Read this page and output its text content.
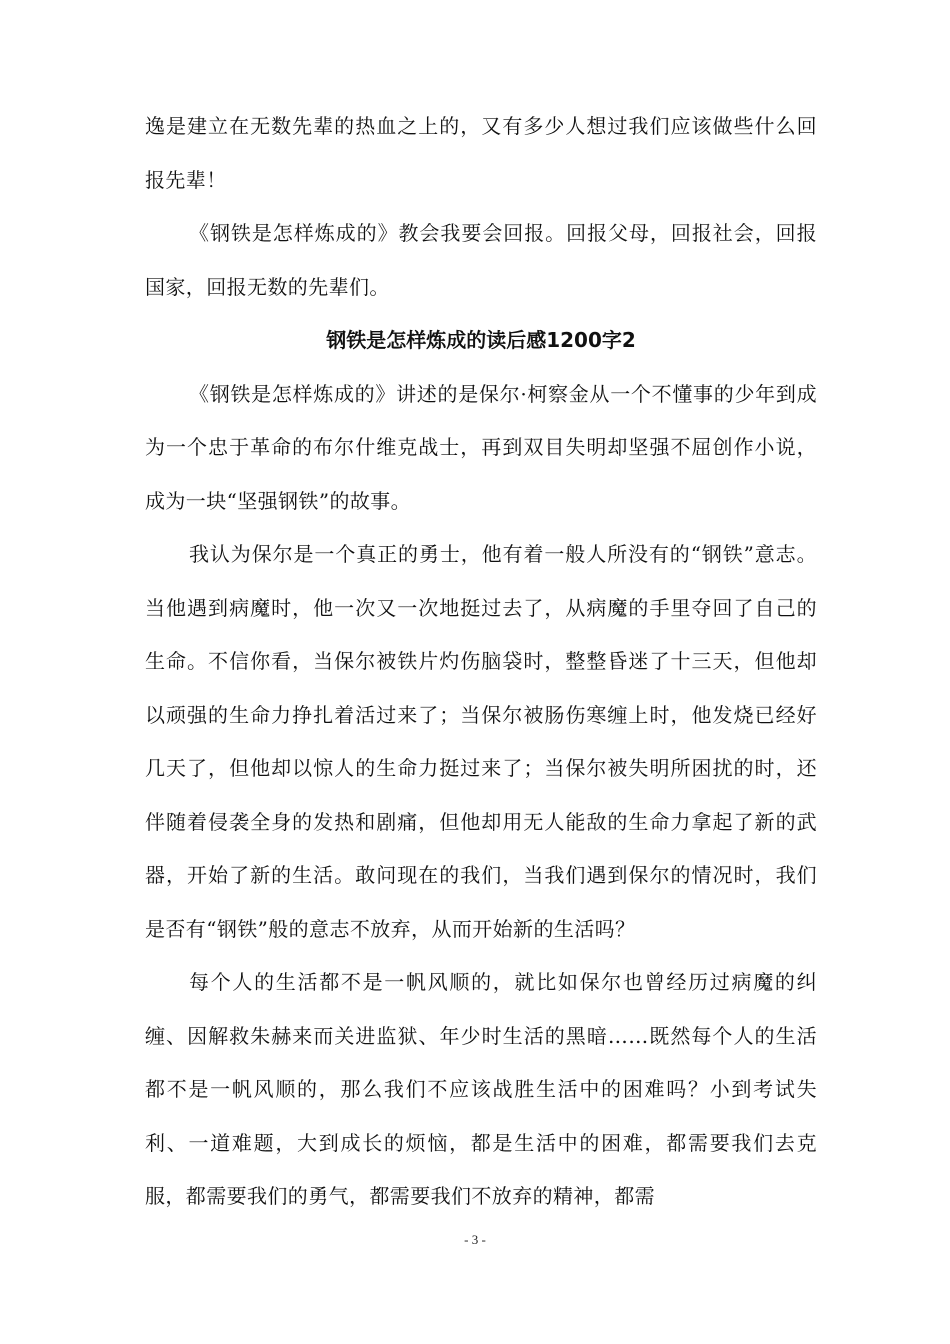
逸是建立在无数先辈的热血之上的，又有多少人想过我们应该做些什么回报先辈！

《钢铁是怎样炼成的》教会我要会回报。回报父母，回报社会，回报国家，回报无数的先辈们。

钢铁是怎样炼成的读后感1200字2

《钢铁是怎样炼成的》讲述的是保尔·柯察金从一个不懂事的少年到成为一个忠于革命的布尔什维克战士，再到双目失明却坚强不屈创作小说，成为一块“坚强钢铁”的故事。

我认为保尔是一个真正的勇士，他有着一般人所没有的“钢铁”意志。当他遇到病魔时，他一次又一次地挺过去了，从病魔的手里夺回了自己的生命。不信你看，当保尔被铁片灼伤脑袋时，整整昏迷了十三天，但他却以顽强的生命力挣扎着活过来了；当保尔被肠伤寒缠上时，他发烧已经好几天了，但他却以惊人的生命力挺过来了；当保尔被失明所困扰的时，还伴随着侵袭全身的发热和剧痛，但他却用无人能敌的生命力拿起了新的武器，开始了新的生活。敢问现在的我们，当我们遇到保尔的情况时，我们是否有“钢铁”般的意志不放弃，从而开始新的生活吗？

每个人的生活都不是一帆风顺的，就比如保尔也曾经历过病魔的纠缠、因解救朱赫来而关进监狱、年少时生活的黑暗……既然每个人的生活都不是一帆风顺的，那么我们不应该战胜生活中的困难吗？小到考试失利、一道难题，大到成长的烦恼，都是生活中的困难，都需要我们去克服，都需要我们的勇气，都需要我们不放弃的精神，都需

- 3 -
